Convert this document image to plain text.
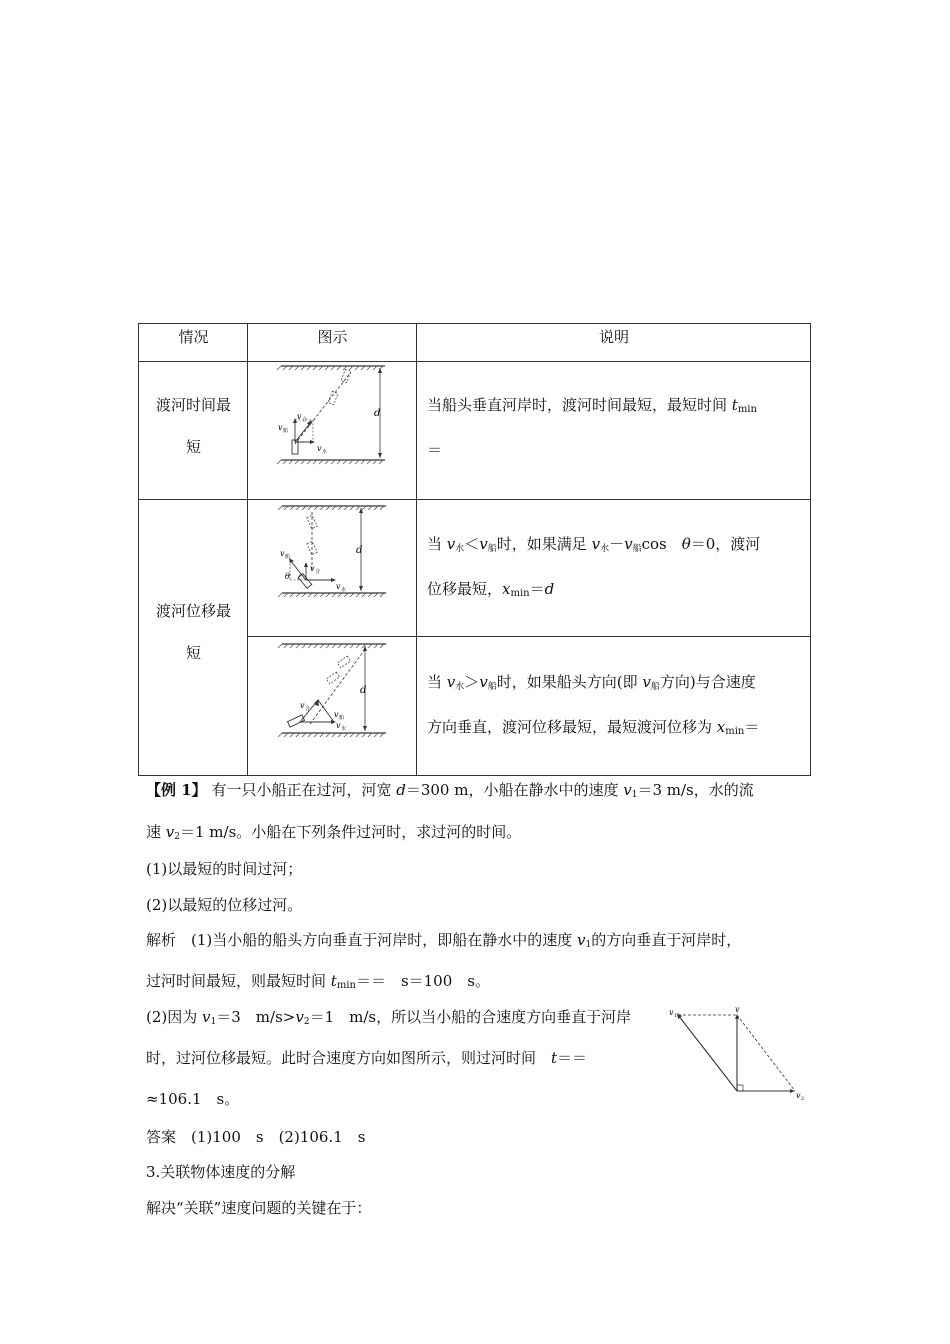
情况	图示	说明
渡河时间最
短
d
v 合
v 船
v 水
当船头垂直河岸时，渡河时间最短，最短时间 tmin
＝
渡河位移最
短
d
θ
v 船
v 合
v 水
当 $v_水<v_船$时，如果满足 $v_水-v_船\cos$　θ＝0，渡河
位移最短，xmin＝d
d
v 合
v 船
v 水
当 $v_水>v_船$时，如果船头方向(即 $v_船$方向)与合速度
方向垂直，渡河位移最短，最短渡河位移为 xmin＝
【例 1】 有一只小船正在过河，河宽 d＝300 m，小船在静水中的速度 $v_1=3$ m/s，水的流
速 $v_2=1$ m/s。小船在下列条件过河时，求过河的时间。
(1)以最短的时间过河；
(2)以最短的位移过河。
解析　(1)当小船的船头方向垂直于河岸时，即船在静水中的速度 $v_1$的方向垂直于河岸时，
过河时间最短，则最短时间 tmin＝＝　s＝100　s。
(2)因为 $v_1=3$　$m/s>v_2=1$　m/s，所以当小船的合速度方向垂直于河岸
时，过河位移最短。此时合速度方向如图所示，则过河时间　t＝＝
≈106.1　s。
答案　(1)100　s　(2)106.1　s
3.关联物体速度的分解
解决“关联”速度问题的关键在于：
v 1
v
v 2
